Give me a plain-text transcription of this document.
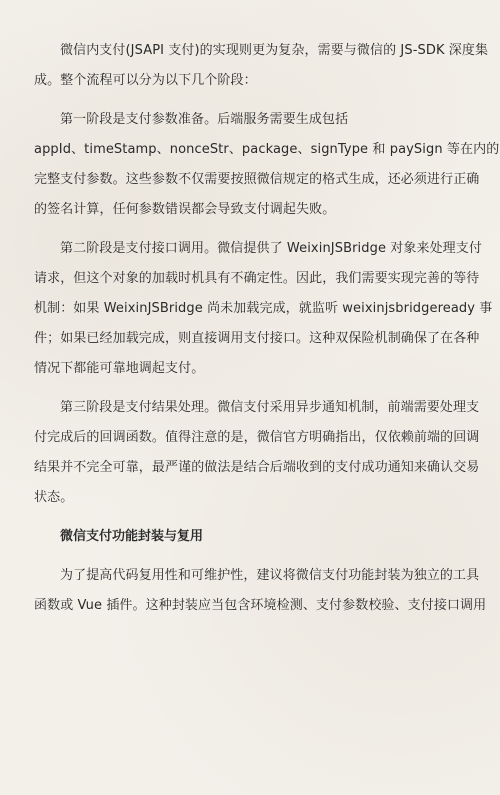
微信内支付(JSAPI 支付)的实现则更为复杂，需要与微信的 JS-SDK 深度集
成。整个流程可以分为以下几个阶段：
第一阶段是支付参数准备。后端服务需要生成包括
appId、timeStamp、nonceStr、package、signType 和 paySign 等在内的
完整支付参数。这些参数不仅需要按照微信规定的格式生成，还必须进行正确
的签名计算，任何参数错误都会导致支付调起失败。
第二阶段是支付接口调用。微信提供了 WeixinJSBridge 对象来处理支付
请求，但这个对象的加载时机具有不确定性。因此，我们需要实现完善的等待
机制：如果 WeixinJSBridge 尚未加载完成，就监听 weixinjsbridgeready 事
件；如果已经加载完成，则直接调用支付接口。这种双保险机制确保了在各种
情况下都能可靠地调起支付。
第三阶段是支付结果处理。微信支付采用异步通知机制，前端需要处理支
付完成后的回调函数。值得注意的是，微信官方明确指出，仅依赖前端的回调
结果并不完全可靠，最严谨的做法是结合后端收到的支付成功通知来确认交易
状态。
微信支付功能封装与复用
为了提高代码复用性和可维护性，建议将微信支付功能封装为独立的工具
函数或 Vue 插件。这种封装应当包含环境检测、支付参数校验、支付接口调用
